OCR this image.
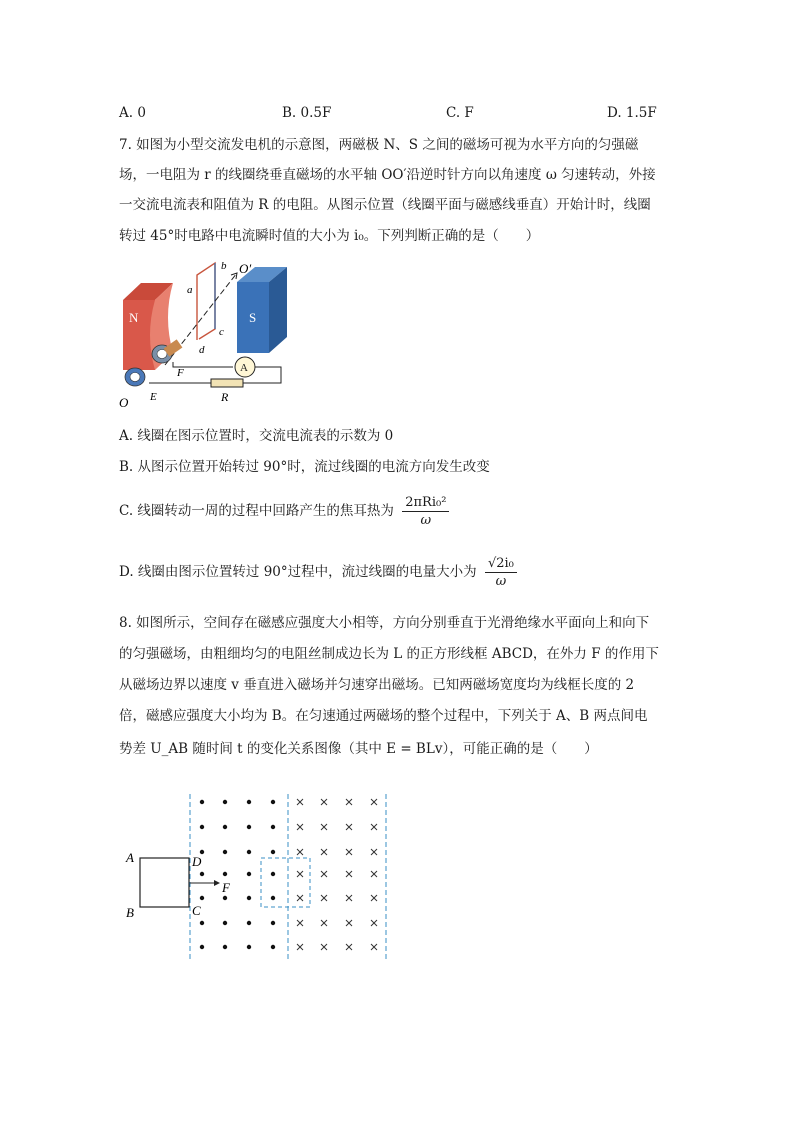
A. 0	B. 0.5F	C. F	D. 1.5F
7. 如图为小型交流发电机的示意图，两磁极 N、S 之间的磁场可视为水平方向的匀强磁
场，一电阻为 r 的线圈绕垂直磁场的水平轴 OO′沿逆时针方向以角速度 ω 匀速转动，外接
一交流电流表和阻值为 R 的电阻。从图示位置（线圈平面与磁感线垂直）开始计时，线圈
转过 45°时电路中电流瞬时值的大小为 i₀。下列判断正确的是（　　）
N	S
A
b O′
a
c
d
F
E	R
O
A. 线圈在图示位置时，交流电流表的示数为 0
B. 从图示位置开始转过 90°时，流过线圈的电流方向发生改变
C. 线圈转动一周的过程中回路产生的焦耳热为 $\frac{\text{2πRi₀²}}{\omega}$
D. 线圈由图示位置转过 90°过程中，流过线圈的电量大小为 $\frac{\text{√2i₀}}{\omega}$
8. 如图所示，空间存在磁感应强度大小相等，方向分别垂直于光滑绝缘水平面向上和向下
的匀强磁场，由粗细均匀的电阻丝制成边长为 L 的正方形线框 ABCD，在外力 F 的作用下
从磁场边界以速度 v 垂直进入磁场并匀速穿出磁场。已知两磁场宽度均为线框长度的 2
倍，磁感应强度大小均为 B。在匀速通过两磁场的整个过程中，下列关于 A、B 两点间电
势差 U_AB 随时间 t 的变化关系图像（其中 E = BLv），可能正确的是（　　）
A
B
D
C
F
